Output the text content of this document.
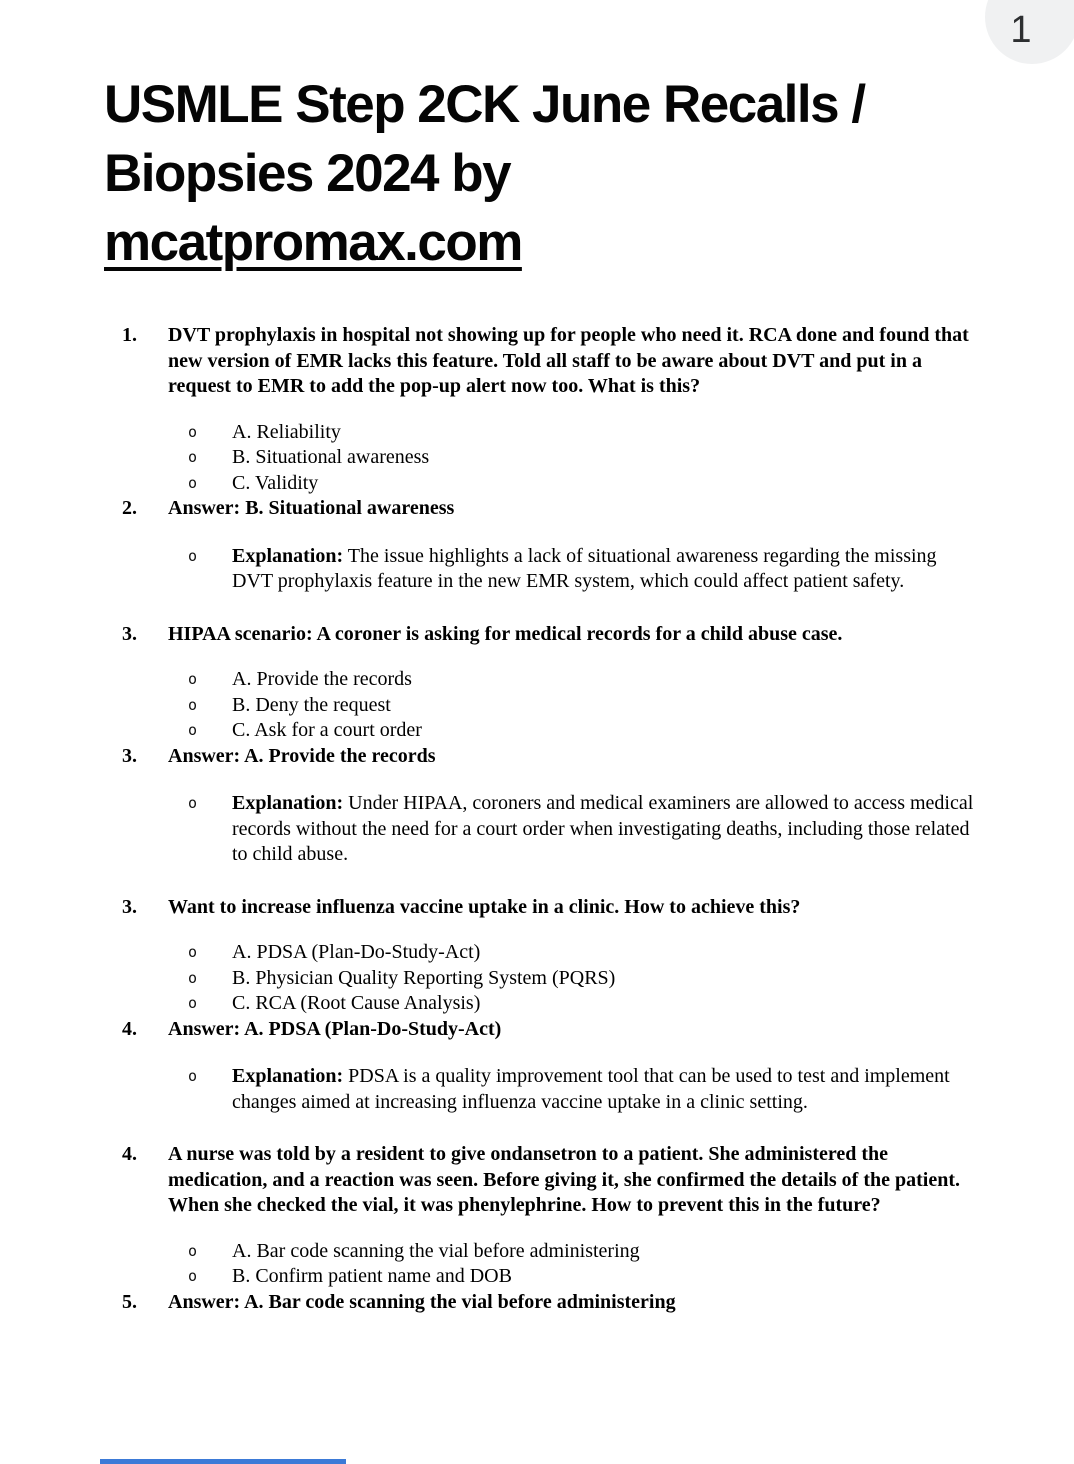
1
USMLE Step 2CK June Recalls /
Biopsies 2024 by
mcatpromax.com
1.	DVT prophylaxis in hospital not showing up for people who need it. RCA done and found that new version of EMR lacks this feature. Told all staff to be aware about DVT and put in a request to EMR to add the pop-up alert now too. What is this?
o A. Reliability
o B. Situational awareness
o C. Validity
2.	Answer: B. Situational awareness
o Explanation: The issue highlights a lack of situational awareness regarding the missing DVT prophylaxis feature in the new EMR system, which could affect patient safety.
3.	HIPAA scenario: A coroner is asking for medical records for a child abuse case.
o A. Provide the records
o B. Deny the request
o C. Ask for a court order
3.	Answer: A. Provide the records
o Explanation: Under HIPAA, coroners and medical examiners are allowed to access medical records without the need for a court order when investigating deaths, including those related to child abuse.
3.	Want to increase influenza vaccine uptake in a clinic. How to achieve this?
o A. PDSA (Plan-Do-Study-Act)
o B. Physician Quality Reporting System (PQRS)
o C. RCA (Root Cause Analysis)
4.	Answer: A. PDSA (Plan-Do-Study-Act)
o Explanation: PDSA is a quality improvement tool that can be used to test and implement changes aimed at increasing influenza vaccine uptake in a clinic setting.
4.	A nurse was told by a resident to give ondansetron to a patient. She administered the medication, and a reaction was seen. Before giving it, she confirmed the details of the patient. When she checked the vial, it was phenylephrine. How to prevent this in the future?
o A. Bar code scanning the vial before administering
o B. Confirm patient name and DOB
5.	Answer: A. Bar code scanning the vial before administering
